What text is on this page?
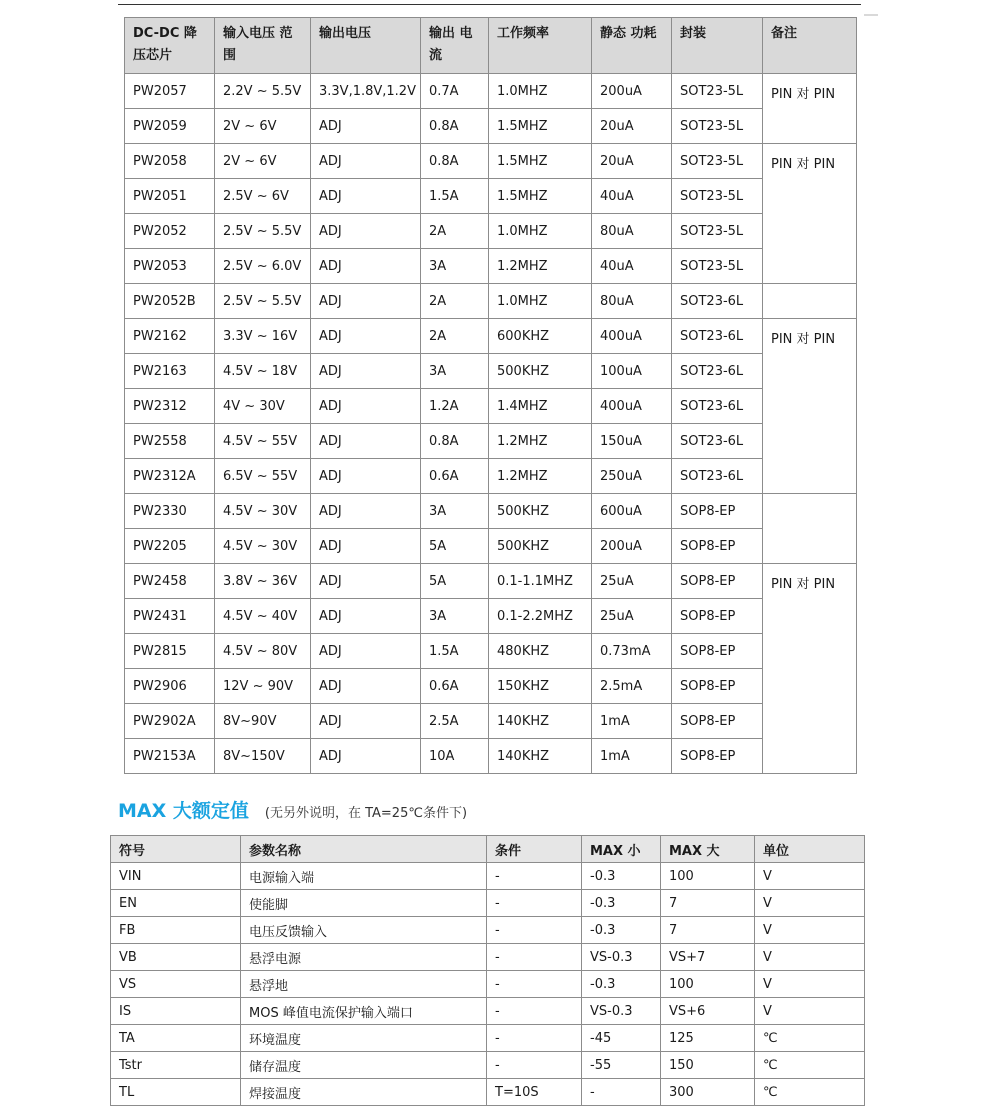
DC-DC 降压芯片	输入电压 范围	输出电压	输出 电流	工作频率	静态 功耗	封装	备注
PW2057	2.2V ~ 5.5V	3.3V,1.8V,1.2V	0.7A	1.0MHZ	200uA	SOT23-5L	PIN 对 PIN
PW2059	2V ~ 6V	ADJ	0.8A	1.5MHZ	20uA	SOT23-5L	
PW2058	2V ~ 6V	ADJ	0.8A	1.5MHZ	20uA	SOT23-5L	PIN 对 PIN
PW2051	2.5V ~ 6V	ADJ	1.5A	1.5MHZ	40uA	SOT23-5L	
PW2052	2.5V ~ 5.5V	ADJ	2A	1.0MHZ	80uA	SOT23-5L	
PW2053	2.5V ~ 6.0V	ADJ	3A	1.2MHZ	40uA	SOT23-5L	
PW2052B	2.5V ~ 5.5V	ADJ	2A	1.0MHZ	80uA	SOT23-6L	
PW2162	3.3V ~ 16V	ADJ	2A	600KHZ	400uA	SOT23-6L	PIN 对 PIN
PW2163	4.5V ~ 18V	ADJ	3A	500KHZ	100uA	SOT23-6L	
PW2312	4V ~ 30V	ADJ	1.2A	1.4MHZ	400uA	SOT23-6L	
PW2558	4.5V ~ 55V	ADJ	0.8A	1.2MHZ	150uA	SOT23-6L	
PW2312A	6.5V ~ 55V	ADJ	0.6A	1.2MHZ	250uA	SOT23-6L	
PW2330	4.5V ~ 30V	ADJ	3A	500KHZ	600uA	SOP8-EP	
PW2205	4.5V ~ 30V	ADJ	5A	500KHZ	200uA	SOP8-EP	
PW2458	3.8V ~ 36V	ADJ	5A	0.1-1.1MHZ	25uA	SOP8-EP	PIN 对 PIN
PW2431	4.5V ~ 40V	ADJ	3A	0.1-2.2MHZ	25uA	SOP8-EP	
PW2815	4.5V ~ 80V	ADJ	1.5A	480KHZ	0.73mA	SOP8-EP	
PW2906	12V ~ 90V	ADJ	0.6A	150KHZ	2.5mA	SOP8-EP	
PW2902A	8V~90V	ADJ	2.5A	140KHZ	1mA	SOP8-EP	
PW2153A	8V~150V	ADJ	10A	140KHZ	1mA	SOP8-EP	
MAX 大额定值 (无另外说明，在 TA=25℃条件下)
符号	参数名称	条件	MAX 小	MAX 大	单位
VIN	电源输入端	-	-0.3	100	V
EN	使能脚	-	-0.3	7	V
FB	电压反馈输入	-	-0.3	7	V
VB	悬浮电源	-	VS-0.3	VS+7	V
VS	悬浮地	-	-0.3	100	V
IS	MOS 峰值电流保护输入端口	-	VS-0.3	VS+6	V
TA	环境温度	-	-45	125	℃
Tstr	储存温度	-	-55	150	℃
TL	焊接温度	T=10S	-	300	℃
